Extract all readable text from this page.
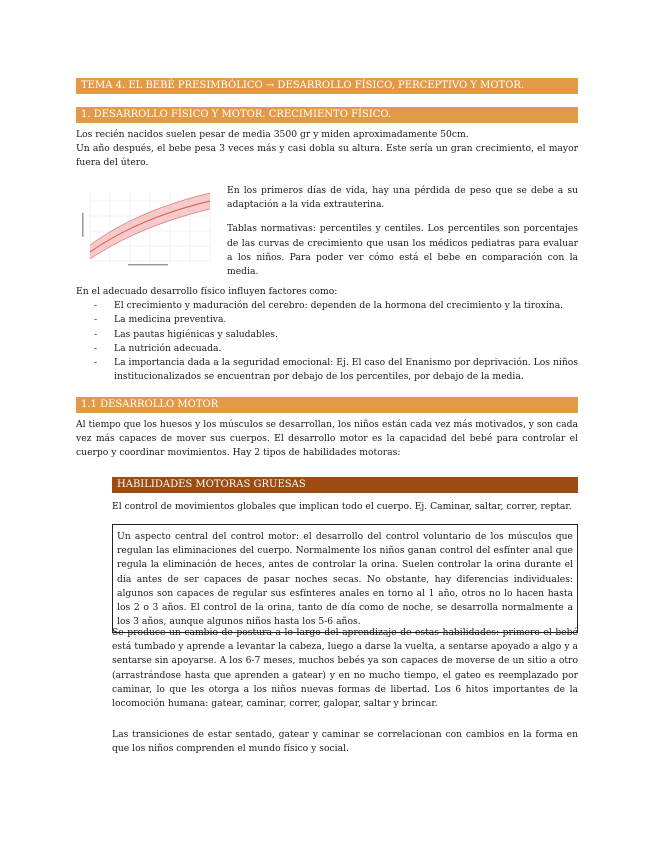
TEMA 4. EL BEBÉ PRESIMBÓLICO → DESARROLLO FÍSICO, PERCEPTIVO Y MOTOR.
1. DESARROLLO FÍSICO Y MOTOR. CRECIMIENTO FÍSICO.

Los recién nacidos suelen pesar de media 3500 gr y miden aproximadamente 50cm.

Un año después, el bebe pesa 3 veces más y casi dobla su altura. Este sería un gran crecimiento, el mayor fuera del útero.

En los primeros días de vida, hay una pérdida de peso que se debe a su adaptación a la vida extrauterina.

Tablas normativas: percentiles y centiles. Los percentiles son porcentajes de las curvas de crecimiento que usan los médicos pediatras para evaluar a los niños. Para poder ver cómo está el bebe en comparación con la media.

En el adecuado desarrollo físico influyen factores como:

- El crecimiento y maduración del cerebro: dependen de la hormona del crecimiento y la tiroxina.
- La medicina preventiva.
- Las pautas higiénicas y saludables.
- La nutrición adecuada.
- La importancia dada a la seguridad emocional: Ej. El caso del Enanismo por deprivación. Los niños institucionalizados se encuentran por debajo de los percentiles, por debajo de la media.
1.1 DESARROLLO MOTOR

Al tiempo que los huesos y los músculos se desarrollan, los niños están cada vez más motivados, y son cada vez más capaces de mover sus cuerpos. El desarrollo motor es la capacidad del bebé para controlar el cuerpo y coordinar movimientos. Hay 2 tipos de habilidades motoras:

HABILIDADES MOTORAS GRUESAS

El control de movimientos globales que implican todo el cuerpo. Ej. Caminar, saltar, correr, reptar.

Un aspecto central del control motor: el desarrollo del control voluntario de los músculos que regulan las eliminaciones del cuerpo. Normalmente los niños ganan control del esfínter anal que regula la eliminación de heces, antes de controlar la orina. Suelen controlar la orina durante el día antes de ser capaces de pasar noches secas. No obstante, hay diferencias individuales: algunos son capaces de regular sus esfínteres anales en torno al 1 año, otros no lo hacen hasta los 2 o 3 años. El control de la orina, tanto de día como de noche, se desarrolla normalmente a los 3 años, aunque algunos niños hasta los 5-6 años.

Se produce un cambio de postura a lo largo del aprendizaje de estas habilidades: primero el bebé está tumbado y aprende a levantar la cabeza, luego a darse la vuelta, a sentarse apoyado a algo y a sentarse sin apoyarse. A los 6-7 meses, muchos bebés ya son capaces de moverse de un sitio a otro (arrastrándose hasta que aprenden a gatear) y en no mucho tiempo, el gateo es reemplazado por caminar, lo que les otorga a los niños nuevas formas de libertad. Los 6 hitos importantes de la locomoción humana: gatear, caminar, correr, galopar, saltar y brincar.

Las transiciones de estar sentado, gatear y caminar se correlacionan con cambios en la forma en que los niños comprenden el mundo físico y social.
